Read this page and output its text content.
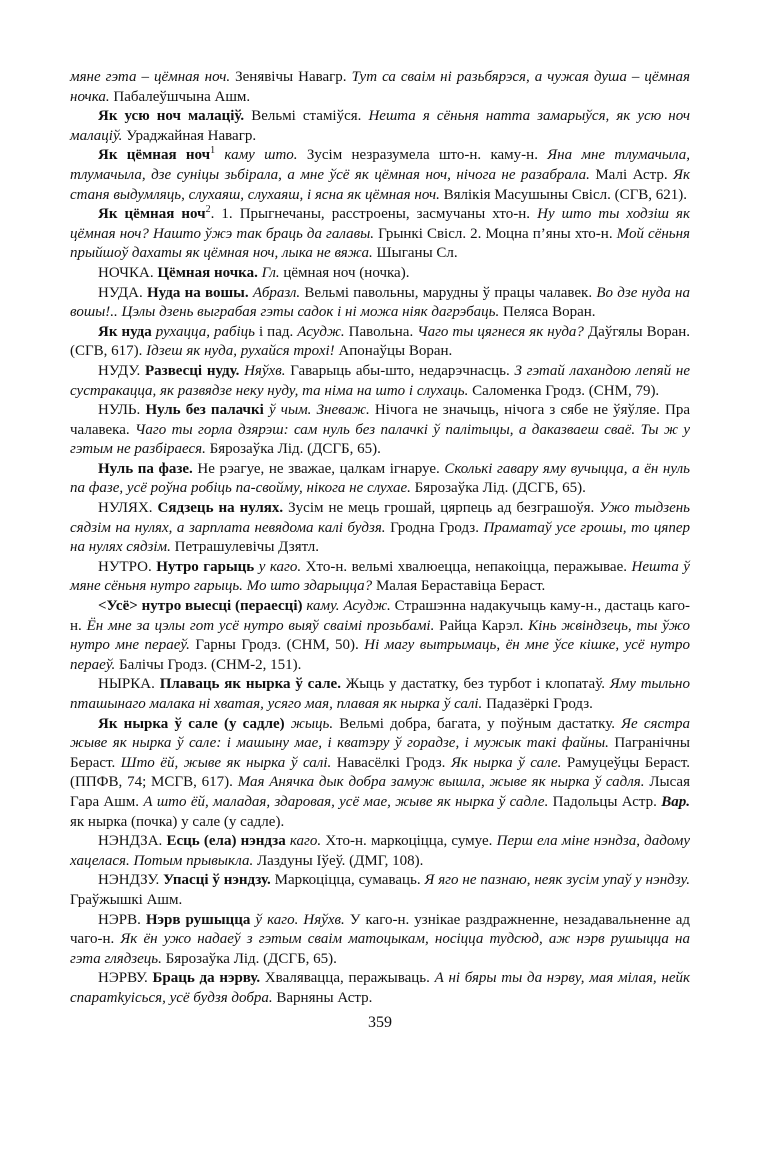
мяне гэта – цёмная ноч. Зенявічы Навагр. Тут са сваім ні разьбярэся, а чужая душа – цёмная ночка. Пабалеўшчына Ашм.

Як усю ноч малаціў. Вельмі стаміўся. Нешта я сёньня натта замарыўся, як усю ноч малаціў. Ураджайная Навагр.

Як цёмная ноч$^1$ каму што. Зусім незразумела што-н. каму-н. Яна мне тлумачыла, тлумачыла, дзе суніцы зьбірала, а мне ўсё як цёмная ноч, нічога не разабрала. Малі Астр. Як станя выдумляць, слухаяш, слухаяш, і ясна як цёмная ноч. Вялікія Масушыны Свісл. (СГВ, 621).

Як цёмная ноч$^2$. 1. Прыгнечаны, расстроены, засмучаны хто-н. Ну што ты ходзіш як цёмная ноч? Нашто ўжэ так браць да галавы. Грынкі Свісл. 2. Моцна п’яны хто-н. Мой сёньня прыйшоў дахаты як цёмная ноч, лыка не вяжа. Шыганы Сл.

НОЧКА. Цёмная ночка. Гл. цёмная ноч (ночка).

НУДА. Нуда на вошы. Абразл. Вельмі павольны, марудны ў працы чалавек. Во дзе нуда на вошы!.. Цэлы дзень выграбая гэты садок і ні можа ніяк дагрэбаць. Пеляса Воран.

Як нуда рухацца, рабіць і пад. Асудж. Павольна. Чаго ты цягнеся як нуда? Даўгялы Воран. (СГВ, 617). Ідзеш як нуда, рухайся трохі! Апонаўцы Воран.

НУДУ. Развесці нуду. Няўхв. Гаварыць абы-што, недарэчнасць. З гэтай лахандою лепяй не сустракацца, як развядзе неку нуду, та німа на што і слухаць. Саломенка Гродз. (СНМ, 79).

НУЛЬ. Нуль без палачкі ў чым. Зневаж. Нічога не значыць, нічога з сябе не ўяўляе. Пра чалавека. Чаго ты горла дзярэш: сам нуль без палачкі ў палітыцы, а даказваеш сваё. Ты ж у гэтым не разбіраеся. Бярозаўка Лід. (ДСГБ, 65).

Нуль па фазе. Не рэагуе, не зважае, цалкам ігнаруе. Сколькі гавару яму вучыцца, а ён нуль па фазе, усё роўна робіць па-свойму, нікога не слухае. Бярозаўка Лід. (ДСГБ, 65).

НУЛЯХ. Сядзець на нулях. Зусім не мець грошай, цярпець ад безграшоўя. Ужо тыдзень сядзім на нулях, а зарплата невядома калі будзя. Гродна Гродз. Праматаў усе грошы, то цяпер на нулях сядзім. Петрашулевічы Дзятл.

НУТРО. Нутро гарыць у каго. Хто-н. вельмі хвалюецца, непакоіцца, перажывае. Нешта ў мяне сёньня нутро гарыць. Мо што здарыцца? Малая Бераставіца Берaст.

<Усё> нутро выесці (перaесці) каму. Асудж. Страшэнна надакучыць каму-н., дастаць каго-н. Ён мне за цэлы гот усё нутро выяў сваімі прозьбамі. Райца Карэл. Кінь жвіндзець, ты ўжо нутро мне пераеў. Гарны Гродз. (СНМ, 50). Ні магу вытрымаць, ён мне ўсе кішке, усё нутро пераеў. Балічы Гродз. (СНМ-2, 151).

НЫРКА. Плаваць як нырка ў сале. Жыць у дастатку, без турбот і клопатаў. Яму тыльно пташынаго малака ні хватая, усяго мая, плавая як нырка ў салі. Падазёркі Гродз.

Як нырка ў сале (у садле) жыць. Вельмі добра, багата, у поўным дастатку. Яе сястра жыве як нырка ў сале: і машыну мае, і кватэру ў горадзе, і мужык такі файны. Пагранічны Берaст. Што ёй, жыве як нырка ў салі. Навасёлкі Гродз. Як нырка ў сале. Рамуцеўцы Берaст. (ППФВ, 74; МСГВ, 617). Мая Анячка дык добра замуж вышла, жыве як нырка ў садля. Лысая Гара Ашм. А што ёй, маладая, здаровая, усё мае, жыве як нырка ў садле. Падольцы Астр. Вар. як нырка (почка) у сале (у садле).

НЭНДЗА. Есць (ела) нэндза каго. Хто-н. маркоціцца, сумуе. Перш ела міне нэндза, дадому хацелася. Потым прывыкла. Лаздуны Іўеў. (ДМГ, 108).

НЭНДЗУ. Упасці ў нэндзу. Маркоціцца, сумаваць. Я яго не пазнаю, неяк зусім упаў у нэндзу. Граўжышкі Ашм.

НЭРВ. Нэрв рушыцца ў каго. Няўхв. У каго-н. узнікае раздражненне, незадавальненне ад чаго-н. Як ён ужо надаеў з гэтым сваім матоцыкам, носіцца тудсюд, аж нэрв рушыцца на гэта глядзець. Бярозаўка Лід. (ДСГБ, 65).

НЭРВУ. Браць да нэрву. Хвалявацца, перажываць. А ні бяры ты да нэрву, мая мілая, нейк спаратkуісься, усё будзя добра. Варняны Астр.

359
